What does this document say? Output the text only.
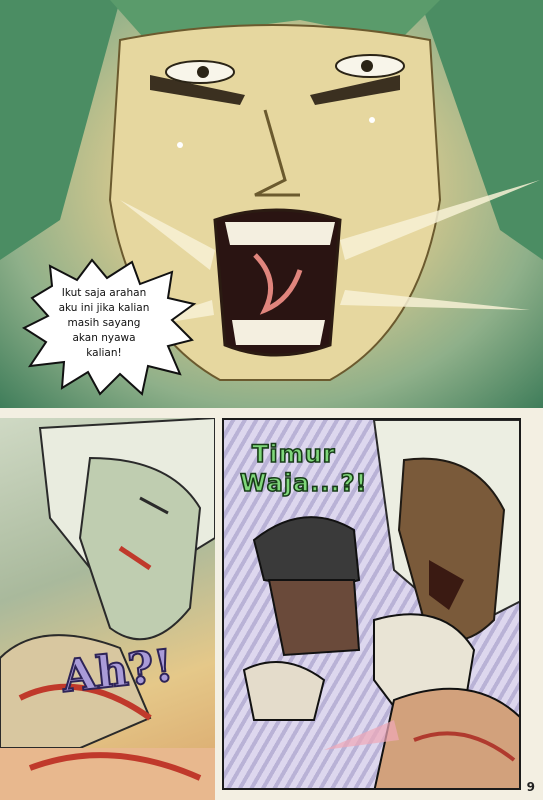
Ikut saja arahan
aku ini jika kalian
masih sayang
akan nyawa
kalian!
Ah?!
Timur
Waja...?!
9
